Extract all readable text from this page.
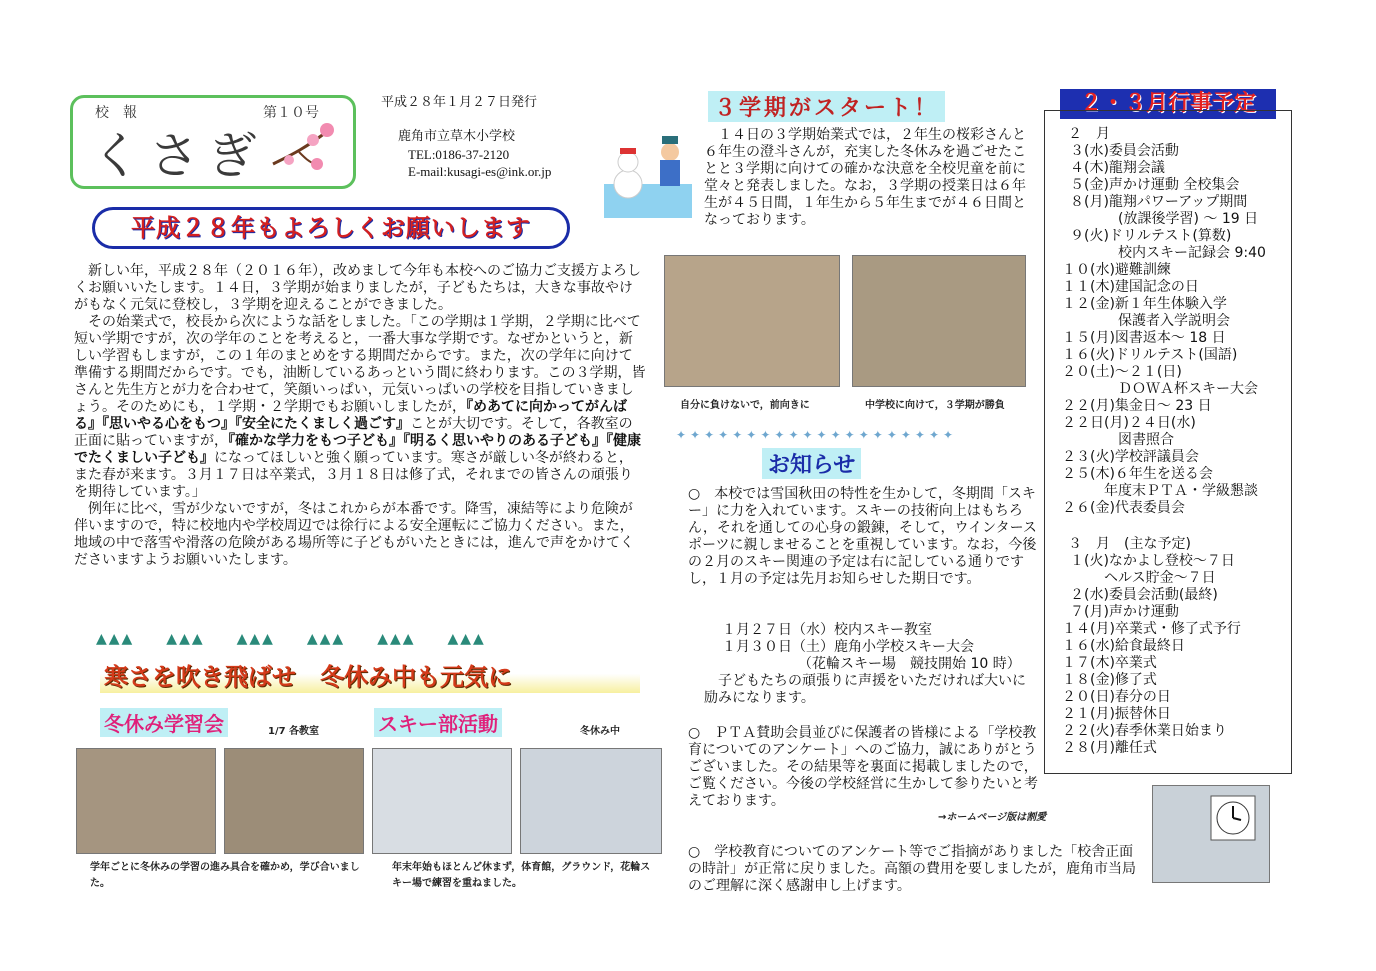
校　報	第１０号
くさぎ
平成２８年１月２７日発行
鹿角市立草木小学校
TEL:0186-37-2120
E-mail:kusagi-es@ink.or.jp
平成２８年もよろしくお願いします
　新しい年，平成２８年（２０１６年），改めまして今年も本校へのご協力ご支援方よろしくお願いいたします。１４日，３学期が始まりましたが，子どもたちは，大きな事故やけがもなく元気に登校し，３学期を迎えることができました。
　その始業式で，校長から次にような話をしました。「この学期は１学期，２学期に比べて短い学期ですが，次の学年のことを考えると，一番大事な学期です。なぜかというと，新しい学習もしますが，この１年のまとめをする期間だからです。また，次の学年に向けて準備する期間だからです。でも，油断しているあっという間に終わります。この３学期，皆さんと先生方とが力を合わせて，笑顔いっぱい，元気いっぱいの学校を目指していきましょう。そのためにも，１学期・２学期でもお願いしましたが，『めあてに向かってがんばる』『思いやる心をもつ』『安全にたくましく過ごす』ことが大切です。そして，各教室の正面に貼っていますが，『確かな学力をもつ子ども』『明るく思いやりのある子ども』『健康でたくましい子ども』になってほしいと強く願っています。寒さが厳しい冬が終わると，また春が来ます。３月１７日は卒業式，３月１８日は修了式，それまでの皆さんの頑張りを期待しています。」
　例年に比べ，雪が少ないですが，冬はこれからが本番です。降雪，凍結等により危険が伴いますので，特に校地内や学校周辺では徐行による安全運転にご協力ください。また，地域の中で落雪や滑落の危険がある場所等に子どもがいたときには，進んで声をかけてくださいますようお願いいたします。
▲▲▲　　▲▲▲　　▲▲▲　　▲▲▲　　▲▲▲　　▲▲▲
寒さを吹き飛ばせ　冬休み中も元気に
冬休み学習会	1/7 各教室	スキー部活動	冬休み中
学年ごとに冬休みの学習の進み具合を確かめ，学び合いました。
年末年始もほとんど休まず，体育館，グラウンド，花輪スキー場で練習を重ねました。
３学期がスタート！
　１４日の３学期始業式では，２年生の桜彩さんと６年生の澄斗さんが，充実した冬休みを過ごせたことと３学期に向けての確かな決意を全校児童を前に堂々と発表しました。なお，３学期の授業日は６年生が４５日間，１年生から５年生までが４６日間となっております。
自分に負けないで，前向きに	中学校に向けて，３学期が勝負
✦✦✦✦✦✦✦✦✦✦✦✦✦✦✦✦✦✦✦✦
お知らせ
○　本校では雪国秋田の特性を生かして，冬期間「スキー」に力を入れています。スキーの技術向上はもちろん，それを通しての心身の鍛錬，そして，ウインタースポーツに親しませることを重視しています。なお，今後の２月のスキー関連の予定は右に記している通りですし，１月の予定は先月お知らせした期日です。
１月２７日（水）校内スキー教室
１月３０日（土）鹿角小学校スキー大会
（花輪スキー場　競技開始 10 時）
　子どもたちの頑張りに声援をいただければ大いに励みになります。
○　ＰＴＡ賛助会員並びに保護者の皆様による「学校教育についてのアンケート」へのご協力，誠にありがとうございました。その結果等を裏面に掲載しましたので，ご覧ください。今後の学校経営に生かして参りたいと考えております。
→ホームページ版は割愛
○　学校教育についてのアンケート等でご指摘がありました「校舎正面の時計」が正常に戻りました。高額の費用を要しましたが，鹿角市当局のご理解に深く感謝申し上げます。
２・３月行事予定
２　月
３(水)委員会活動
４(木)龍翔会議
５(金)声かけ運動 全校集会
８(月)龍翔パワーアップ期間
　　(放課後学習) ～ 19 日
９(火)ドリルテスト(算数)
　　校内スキー記録会 9:40
１０(水)避難訓練
１１(木)建国記念の日
１２(金)新１年生体験入学
　　保護者入学説明会
１５(月)図書返本～ 18 日
１６(火)ドリルテスト(国語)
２０(土)～２１(日)
　　ＤＯＷＡ杯スキー大会
２２(月)集金日～ 23 日
２２日(月)２４日(水)
　　図書照合
２３(火)学校評議員会
２５(木)６年生を送る会
　年度末ＰＴＡ・学級懇談
２６(金)代表委員会
３　月　(主な予定)
１(火)なかよし登校～７日
　ヘルス貯金～７日
２(水)委員会活動(最終)
７(月)声かけ運動
１４(月)卒業式・修了式予行
１６(水)給食最終日
１７(木)卒業式
１８(金)修了式
２０(日)春分の日
２１(月)振替休日
２２(火)春季休業日始まり
２８(月)離任式
